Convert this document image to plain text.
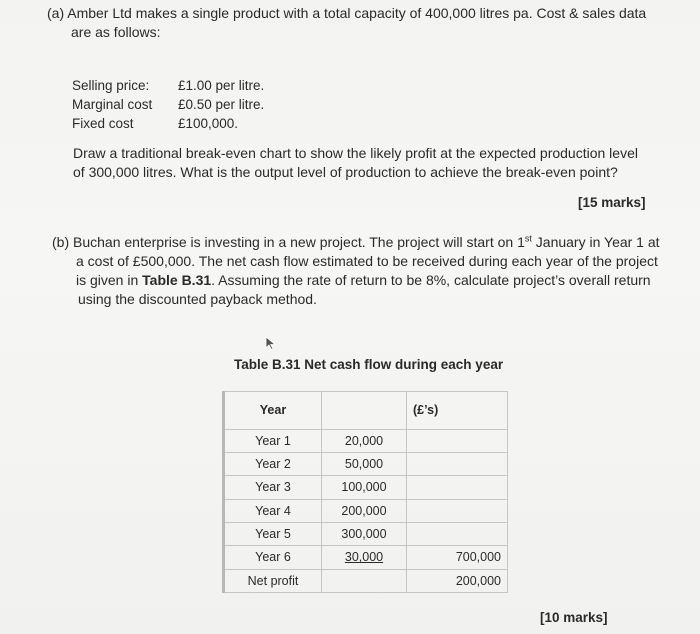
(a) Amber Ltd makes a single product with a total capacity of 400,000 litres pa. Cost & sales data
are as follows:
Selling price: £1.00 per litre.
Marginal cost £0.50 per litre.
Fixed cost	£100,000.
Draw a traditional break-even chart to show the likely profit at the expected production level
of 300,000 litres. What is the output level of production to achieve the break-even point?
[15 marks]
(b) Buchan enterprise is investing in a new project. The project will start on 1st January in Year 1 at
a cost of £500,000. The net cash flow estimated to be received during each year of the project
is given in Table B.31. Assuming the rate of return to be 8%, calculate project’s overall return
using the discounted payback method.
Table B.31 Net cash flow during each year
Year		(£’s)
Year 1	20,000	
Year 2	50,000	
Year 3	100,000	
Year 4	200,000	
Year 5	300,000	
Year 6	30,000	700,000
Net profit		200,000
[10 marks]
